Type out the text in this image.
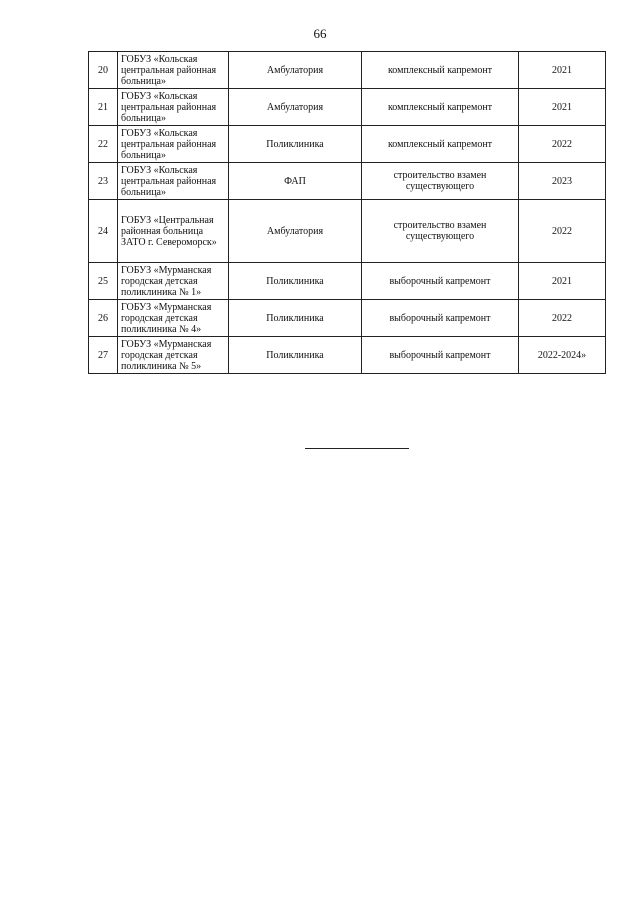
66
20	ГОБУЗ «Кольская центральная районная больница»	Амбулатория	комплексный капремонт	2021
21	ГОБУЗ «Кольская центральная районная больница»	Амбулатория	комплексный капремонт	2021
22	ГОБУЗ «Кольская центральная районная больница»	Поликлиника	комплексный капремонт	2022
23	ГОБУЗ «Кольская центральная районная больница»	ФАП	строительство взамен существующего	2023
24	ГОБУЗ «Центральная районная больница ЗАТО г. Североморск»	Амбулатория	строительство взамен существующего	2022
25	ГОБУЗ «Мурманская городская детская поликлиника № 1»	Поликлиника	выборочный капремонт	2021
26	ГОБУЗ «Мурманская городская детская поликлиника № 4»	Поликлиника	выборочный капремонт	2022
27	ГОБУЗ «Мурманская городская детская поликлиника № 5»	Поликлиника	выборочный капремонт	2022-2024»
